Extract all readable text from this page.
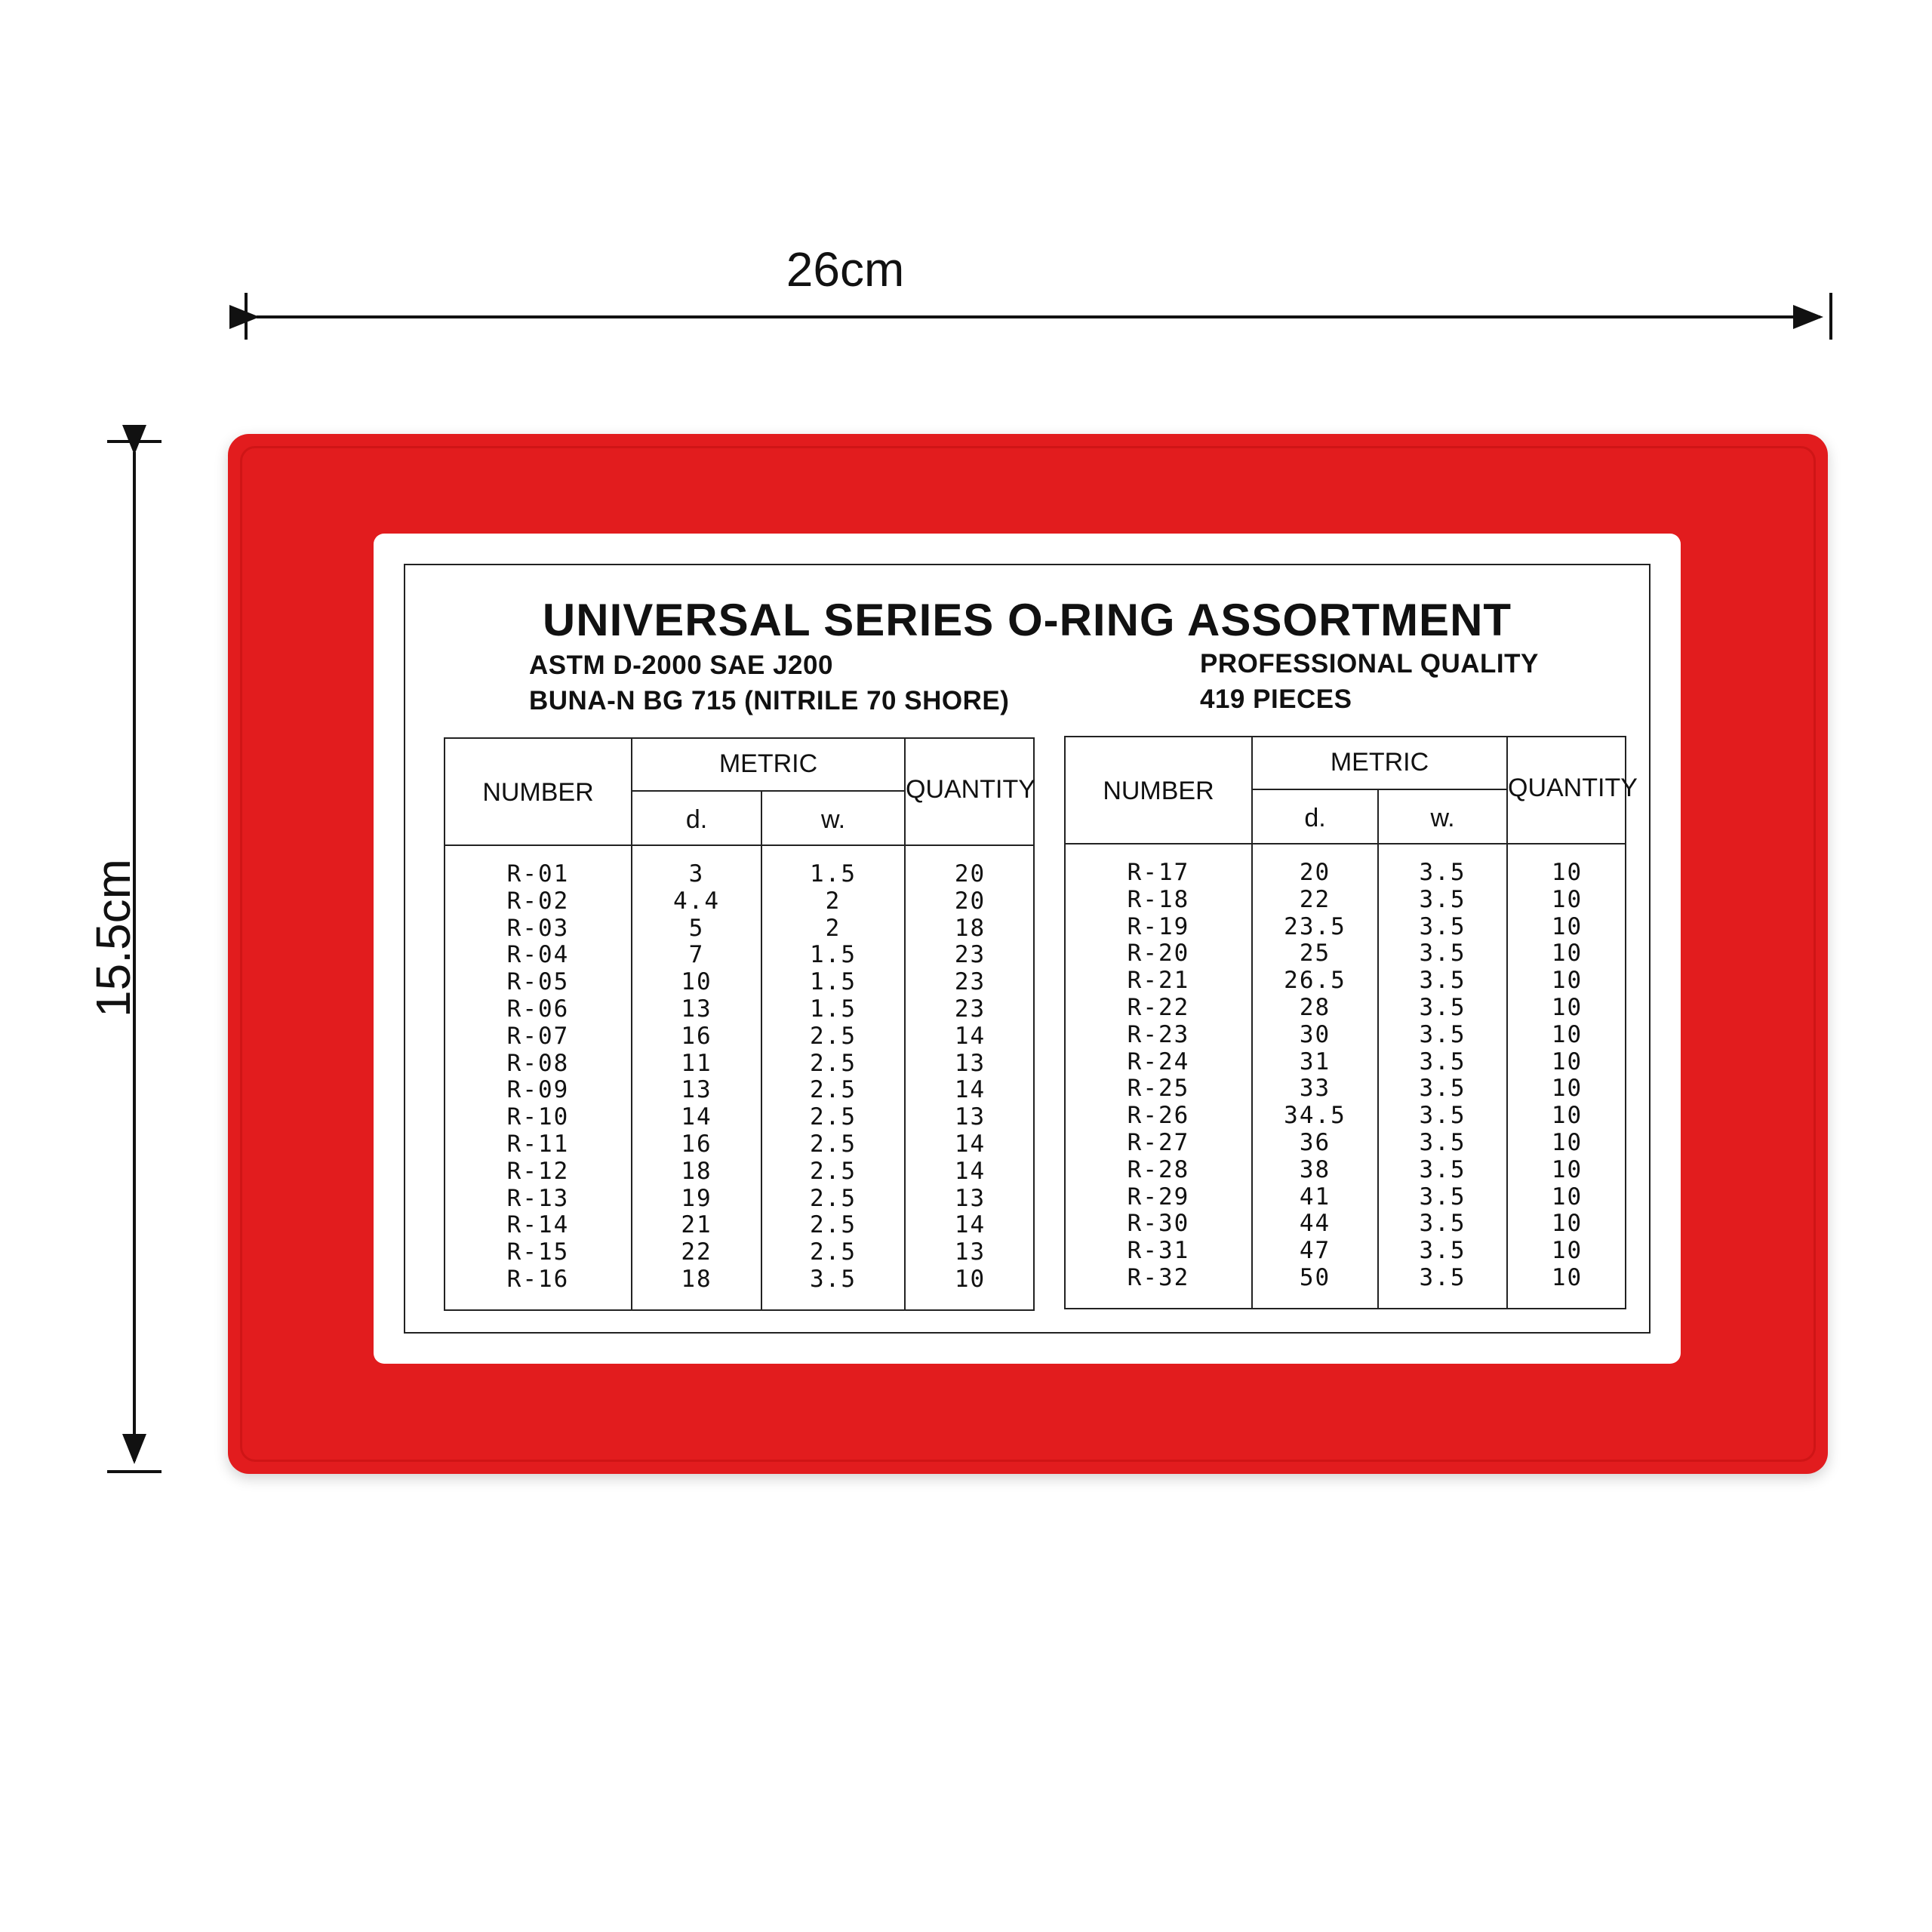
26cm
15.5cm
UNIVERSAL SERIES O-RING ASSORTMENT
ASTM D-2000 SAE J200
BUNA-N BG 715 (NITRILE 70 SHORE)
PROFESSIONAL QUALITY
419 PIECES
NUMBER
METRIC
d.	w.
QUANTITY
R-01
R-02
R-03
R-04
R-05
R-06
R-07
R-08
R-09
R-10
R-11
R-12
R-13
R-14
R-15
R-16
3
4.4
5
7
10
13
16
11
13
14
16
18
19
21
22
18
1.5
2
2
1.5
1.5
1.5
2.5
2.5
2.5
2.5
2.5
2.5
2.5
2.5
2.5
3.5
20
20
18
23
23
23
14
13
14
13
14
14
13
14
13
10
NUMBER
METRIC
d.	w.
QUANTITY
R-17
R-18
R-19
R-20
R-21
R-22
R-23
R-24
R-25
R-26
R-27
R-28
R-29
R-30
R-31
R-32
20
22
23.5
25
26.5
28
30
31
33
34.5
36
38
41
44
47
50
3.5
3.5
3.5
3.5
3.5
3.5
3.5
3.5
3.5
3.5
3.5
3.5
3.5
3.5
3.5
3.5
10
10
10
10
10
10
10
10
10
10
10
10
10
10
10
10
